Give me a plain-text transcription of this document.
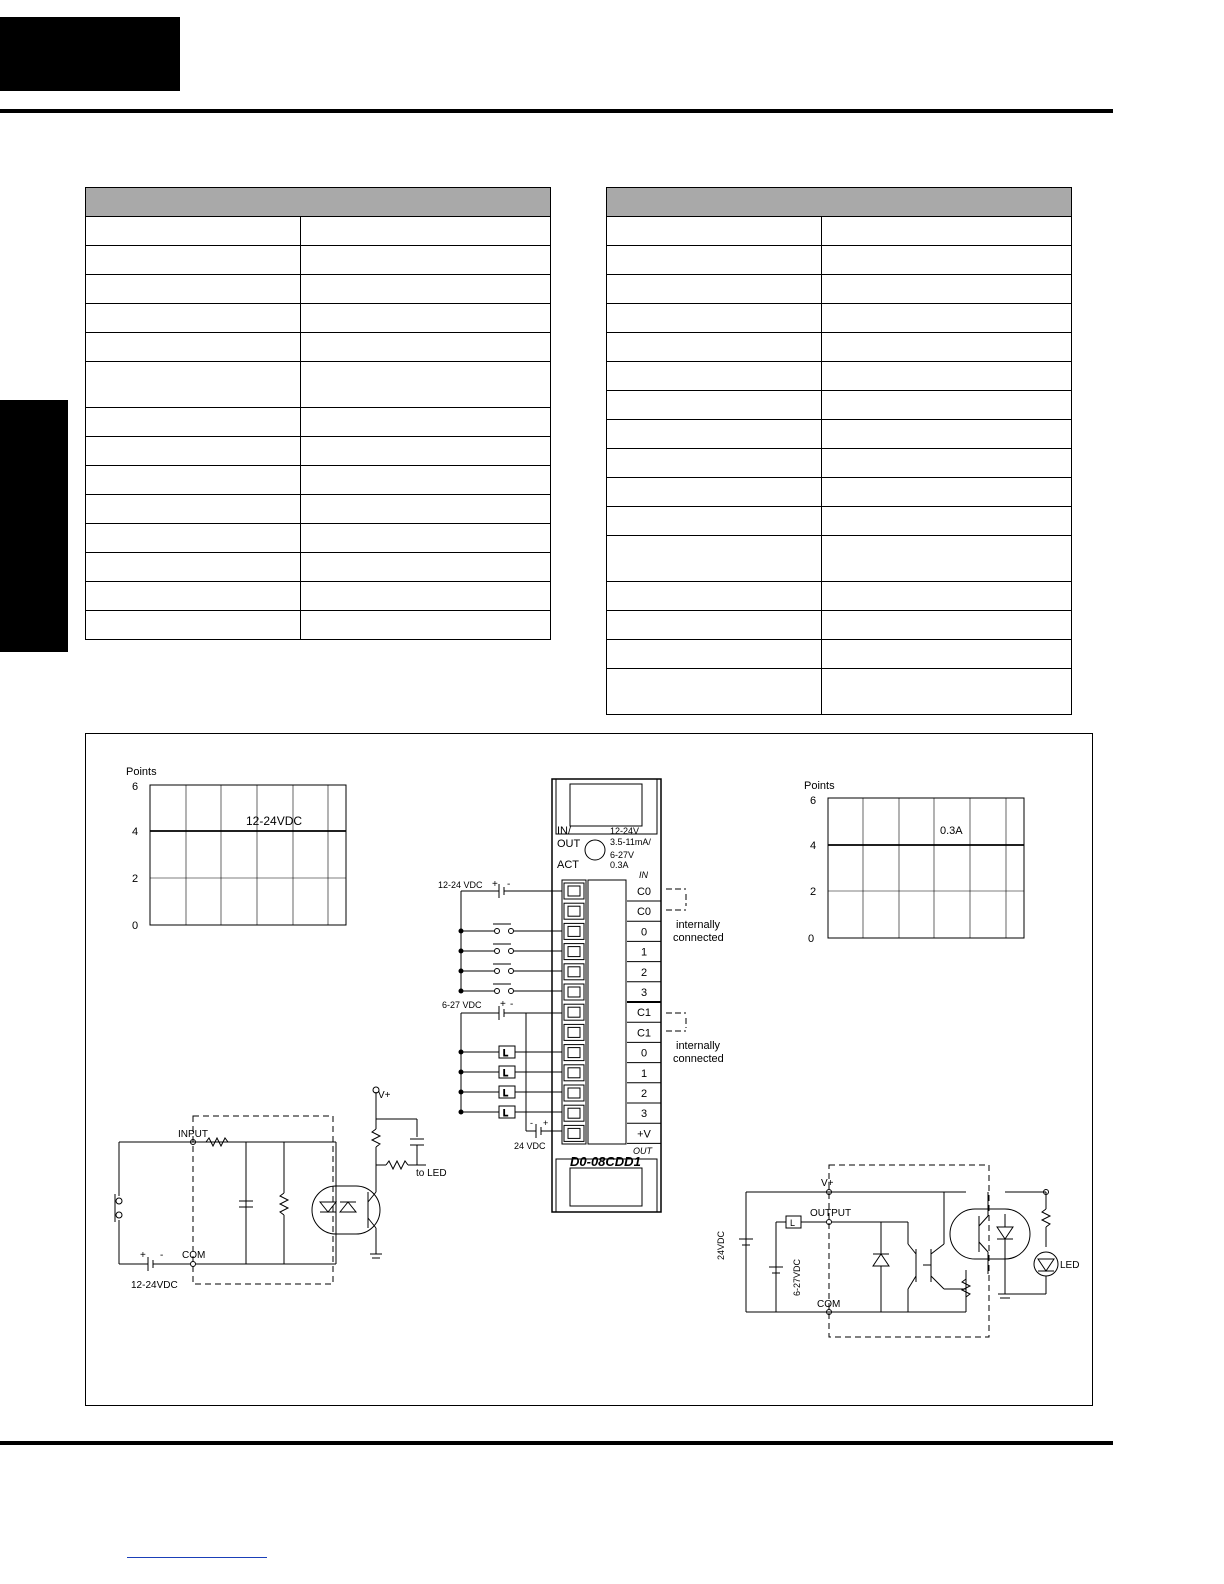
Points
6
4
2
0
12-24VDC
Points
6
4
2
0
0.3A
IN/
OUT
ACT
12-24V
3.5-11mA/
6-27V
0.3A
IN
C0
C0
0
1
2
3
C1
C1
0
1
2
3
+V
OUT
D0-08CDD1
internally
connected
internally
connected
L
L
L
L
12-24 VDC + -
6-27 VDC + -
24 VDC
- +
V+
INPUT
COM
12-24VDC
+ -
to LED
V+
OUTPUT
COM
L
24VDC
6-27VDC	LED
